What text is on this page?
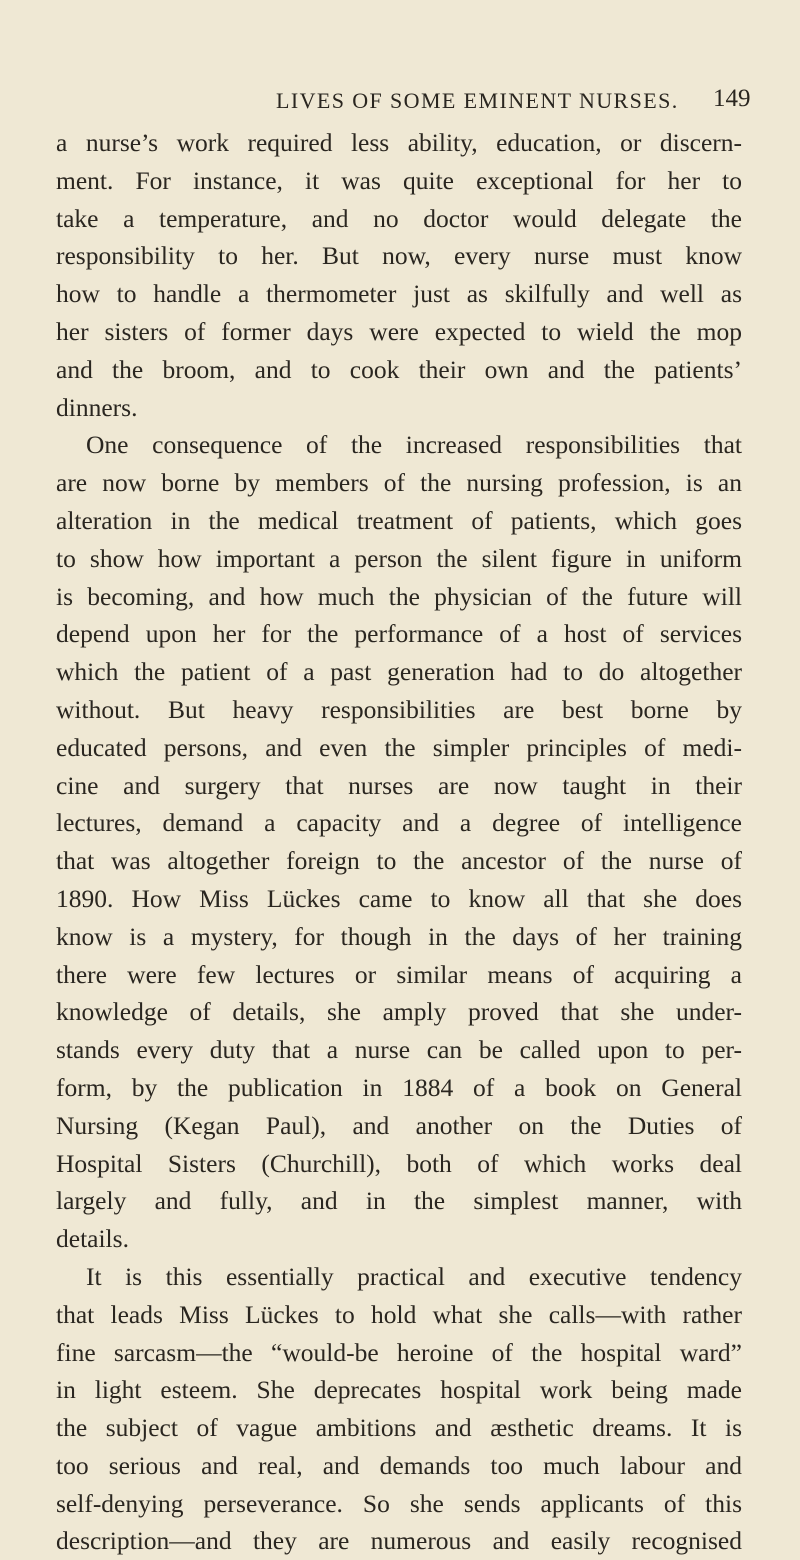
LIVES OF SOME EMINENT NURSES.	149
a nurse’s work required less ability, education, or discern-
ment. For instance, it was quite exceptional for her to
take a temperature, and no doctor would delegate the
responsibility to her. But now, every nurse must know
how to handle a thermometer just as skilfully and well as
her sisters of former days were expected to wield the mop
and the broom, and to cook their own and the patients’
dinners.
One consequence of the increased responsibilities that
are now borne by members of the nursing profession, is an
alteration in the medical treatment of patients, which goes
to show how important a person the silent figure in uniform
is becoming, and how much the physician of the future will
depend upon her for the performance of a host of services
which the patient of a past generation had to do altogether
without. But heavy responsibilities are best borne by
educated persons, and even the simpler principles of medi-
cine and surgery that nurses are now taught in their
lectures, demand a capacity and a degree of intelligence
that was altogether foreign to the ancestor of the nurse of
1890. How Miss Lückes came to know all that she does
know is a mystery, for though in the days of her training
there were few lectures or similar means of acquiring a
knowledge of details, she amply proved that she under-
stands every duty that a nurse can be called upon to per-
form, by the publication in 1884 of a book on General
Nursing (Kegan Paul), and another on the Duties of
Hospital Sisters (Churchill), both of which works deal
largely and fully, and in the simplest manner, with
details.
It is this essentially practical and executive tendency
that leads Miss Lückes to hold what she calls—with rather
fine sarcasm—the “would-be heroine of the hospital ward”
in light esteem. She deprecates hospital work being made
the subject of vague ambitions and æsthetic dreams. It is
too serious and real, and demands too much labour and
self-denying perseverance. So she sends applicants of this
description—and they are numerous and easily recognised
